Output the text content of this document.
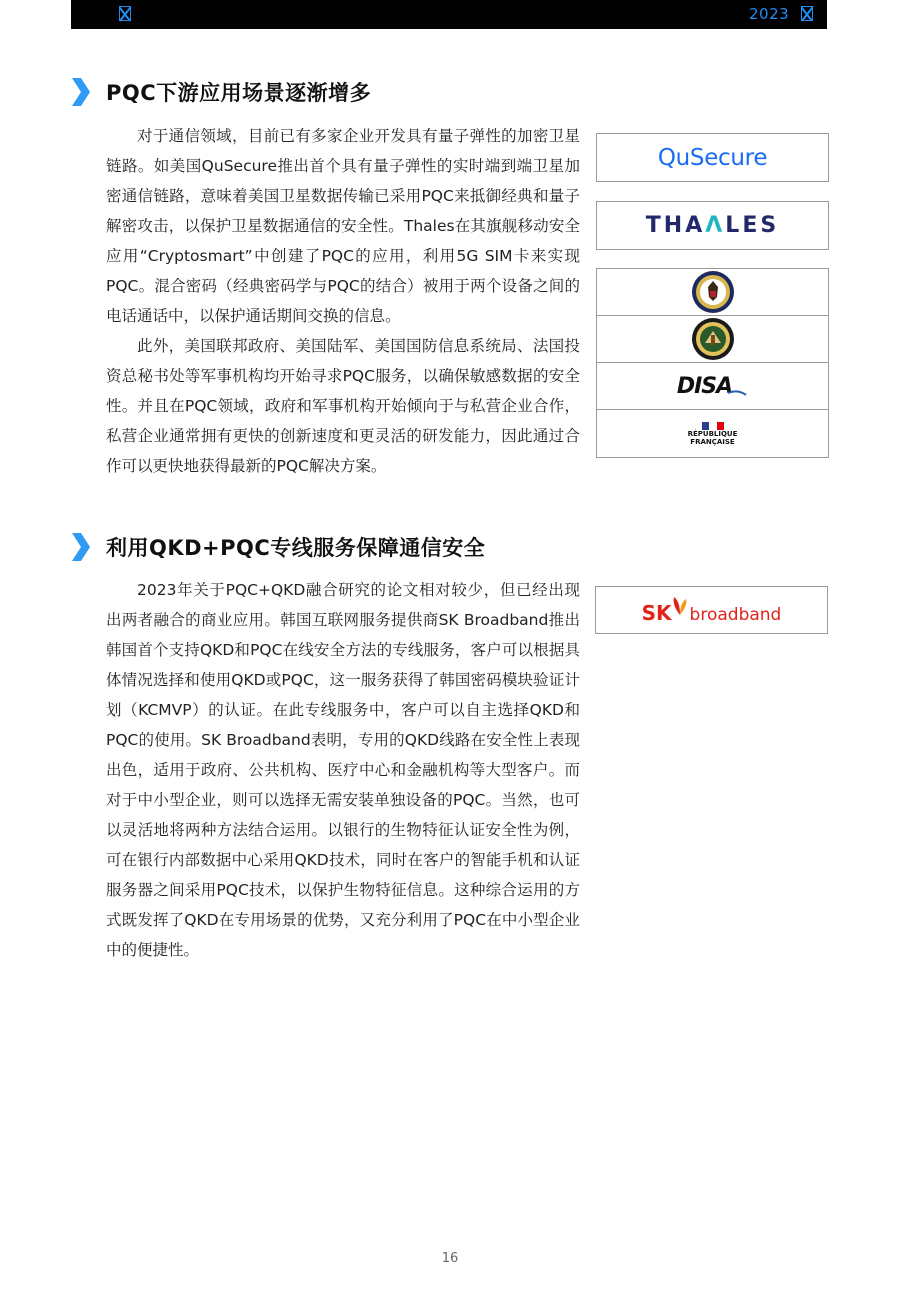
2023
PQC下游应用场景逐渐增多

对于通信领域，目前已有多家企业开发具有量子弹性的加密卫星链路。如美国QuSecure推出首个具有量子弹性的实时端到端卫星加密通信链路，意味着美国卫星数据传输已采用PQC来抵御经典和量子解密攻击，以保护卫星数据通信的安全性。Thales在其旗舰移动安全应用“Cryptosmart”中创建了PQC的应用，利用5G SIM卡来实现PQC。混合密码（经典密码学与PQC的结合）被用于两个设备之间的电话通话中，以保护通话期间交换的信息。

此外，美国联邦政府、美国陆军、美国国防信息系统局、法国投资总秘书处等军事机构均开始寻求PQC服务，以确保敏感数据的安全性。并且在PQC领域，政府和军事机构开始倾向于与私营企业合作，私营企业通常拥有更快的创新速度和更灵活的研发能力，因此通过合作可以更快地获得最新的PQC解决方案。

QuSecure
THAΛLES
DISA
RÉPUBLIQUE
FRANÇAISE
利用QKD+PQC专线服务保障通信安全

2023年关于PQC+QKD融合研究的论文相对较少，但已经出现出两者融合的商业应用。韩国互联网服务提供商SK Broadband推出韩国首个支持QKD和PQC在线安全方法的专线服务，客户可以根据具体情况选择和使用QKD或PQC，这一服务获得了韩国密码模块验证计划（KCMVP）的认证。在此专线服务中，客户可以自主选择QKD和PQC的使用。SK Broadband表明，专用的QKD线路在安全性上表现出色，适用于政府、公共机构、医疗中心和金融机构等大型客户。而对于中小型企业，则可以选择无需安装单独设备的PQC。当然，也可以灵活地将两种方法结合运用。以银行的生物特征认证安全性为例，可在银行内部数据中心采用QKD技术，同时在客户的智能手机和认证服务器之间采用PQC技术，以保护生物特征信息。这种综合运用的方式既发挥了QKD在专用场景的优势，又充分利用了PQC在中小型企业中的便捷性。

SK broadband
16
